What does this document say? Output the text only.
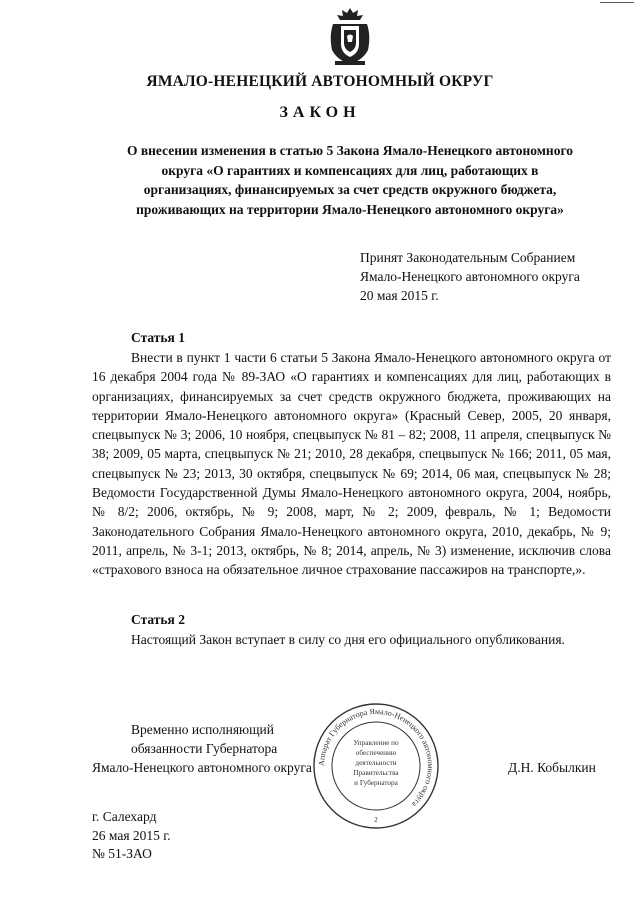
ЯМАЛО-НЕНЕЦКИЙ АВТОНОМНЫЙ ОКРУГ
ЗАКОН
О внесении изменения в статью 5 Закона Ямало-Ненецкого автономного
округа «О гарантиях и компенсациях для лиц, работающих в
организациях, финансируемых за счет средств окружного бюджета,
проживающих на территории Ямало-Ненецкого автономного округа»
Принят Законодательным Собранием
Ямало-Ненецкого автономного округа
20 мая 2015 г.
Статья 1
Внести в пункт 1 части 6 статьи 5 Закона Ямало-Ненецкого автономного округа от 16 декабря 2004 года № 89-ЗАО «О гарантиях и компенсациях для лиц, работающих в организациях, финансируемых за счет средств окружного бюджета, проживающих на территории Ямало-Ненецкого автономного округа» (Красный Север, 2005, 20 января, спецвыпуск № 3; 2006, 10 ноября, спецвыпуск № 81 – 82; 2008, 11 апреля, спецвыпуск № 38; 2009, 05 марта, спецвыпуск № 21; 2010, 28 декабря, спецвыпуск № 166; 2011, 05 мая, спецвыпуск № 23; 2013, 30 октября, спецвыпуск № 69; 2014, 06 мая, спецвыпуск № 28; Ведомости Государственной Думы Ямало-Ненецкого автономного округа, 2004, ноябрь, № 8/2; 2006, октябрь, № 9; 2008, март, № 2; 2009, февраль, № 1; Ведомости Законодательного Собрания Ямало-Ненецкого автономного округа, 2010, декабрь, № 9; 2011, апрель, № 3-1; 2013, октябрь, № 8; 2014, апрель, № 3) изменение, исключив слова «страхового взноса на обязательное личное страхование пассажиров на транспорте,».
Статья 2
Настоящий Закон вступает в силу со дня его официального опубликования.
Временно исполняющий
обязанности Губернатора
Ямало-Ненецкого автономного округа	Д.Н. Кобылкин
Аппарат Губернатора Ямало-Ненецкого автономного округа
Управление по
обеспечению
деятельности
Правительства
и Губернатора
2
г. Салехард
26 мая 2015 г.
№ 51-ЗАО
